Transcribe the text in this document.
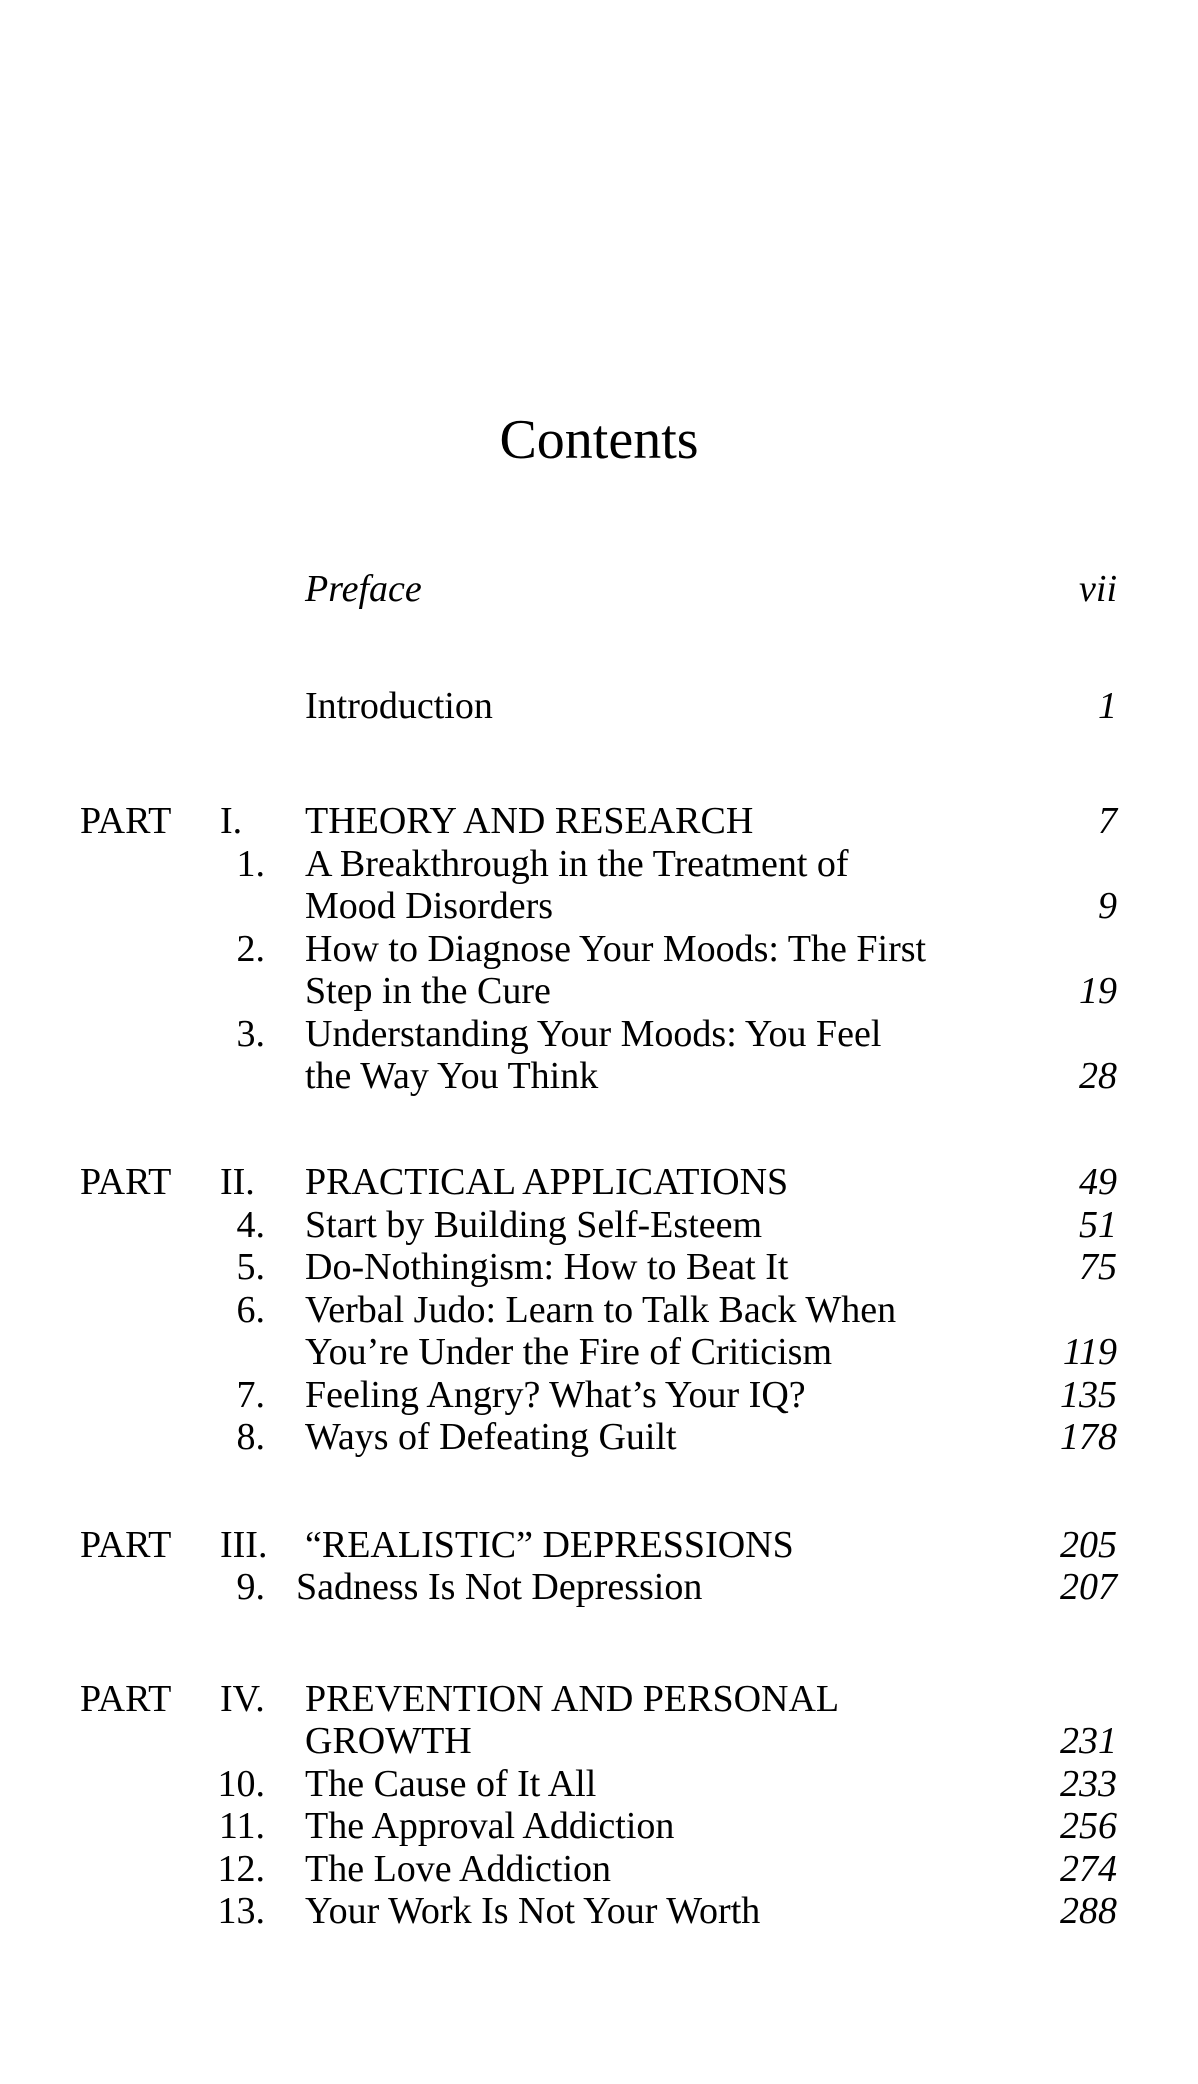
Contents
Preface	vii
Introduction	1
PART I. THEORY AND RESEARCH	7
1. A Breakthrough in the Treatment of
Mood Disorders	9
2. How to Diagnose Your Moods: The First
Step in the Cure	19
3. Understanding Your Moods: You Feel
the Way You Think	28
PART II. PRACTICAL APPLICATIONS	49
4. Start by Building Self-Esteem	51
5. Do-Nothingism: How to Beat It	75
6. Verbal Judo: Learn to Talk Back When
You’re Under the Fire of Criticism	119
7. Feeling Angry? What’s Your IQ?	135
8. Ways of Defeating Guilt	178
PART III. “REALISTIC” DEPRESSIONS	205
9. Sadness Is Not Depression	207
PART IV. PREVENTION AND PERSONAL
GROWTH	231
10. The Cause of It All	233
11. The Approval Addiction	256
12. The Love Addiction	274
13. Your Work Is Not Your Worth	288
